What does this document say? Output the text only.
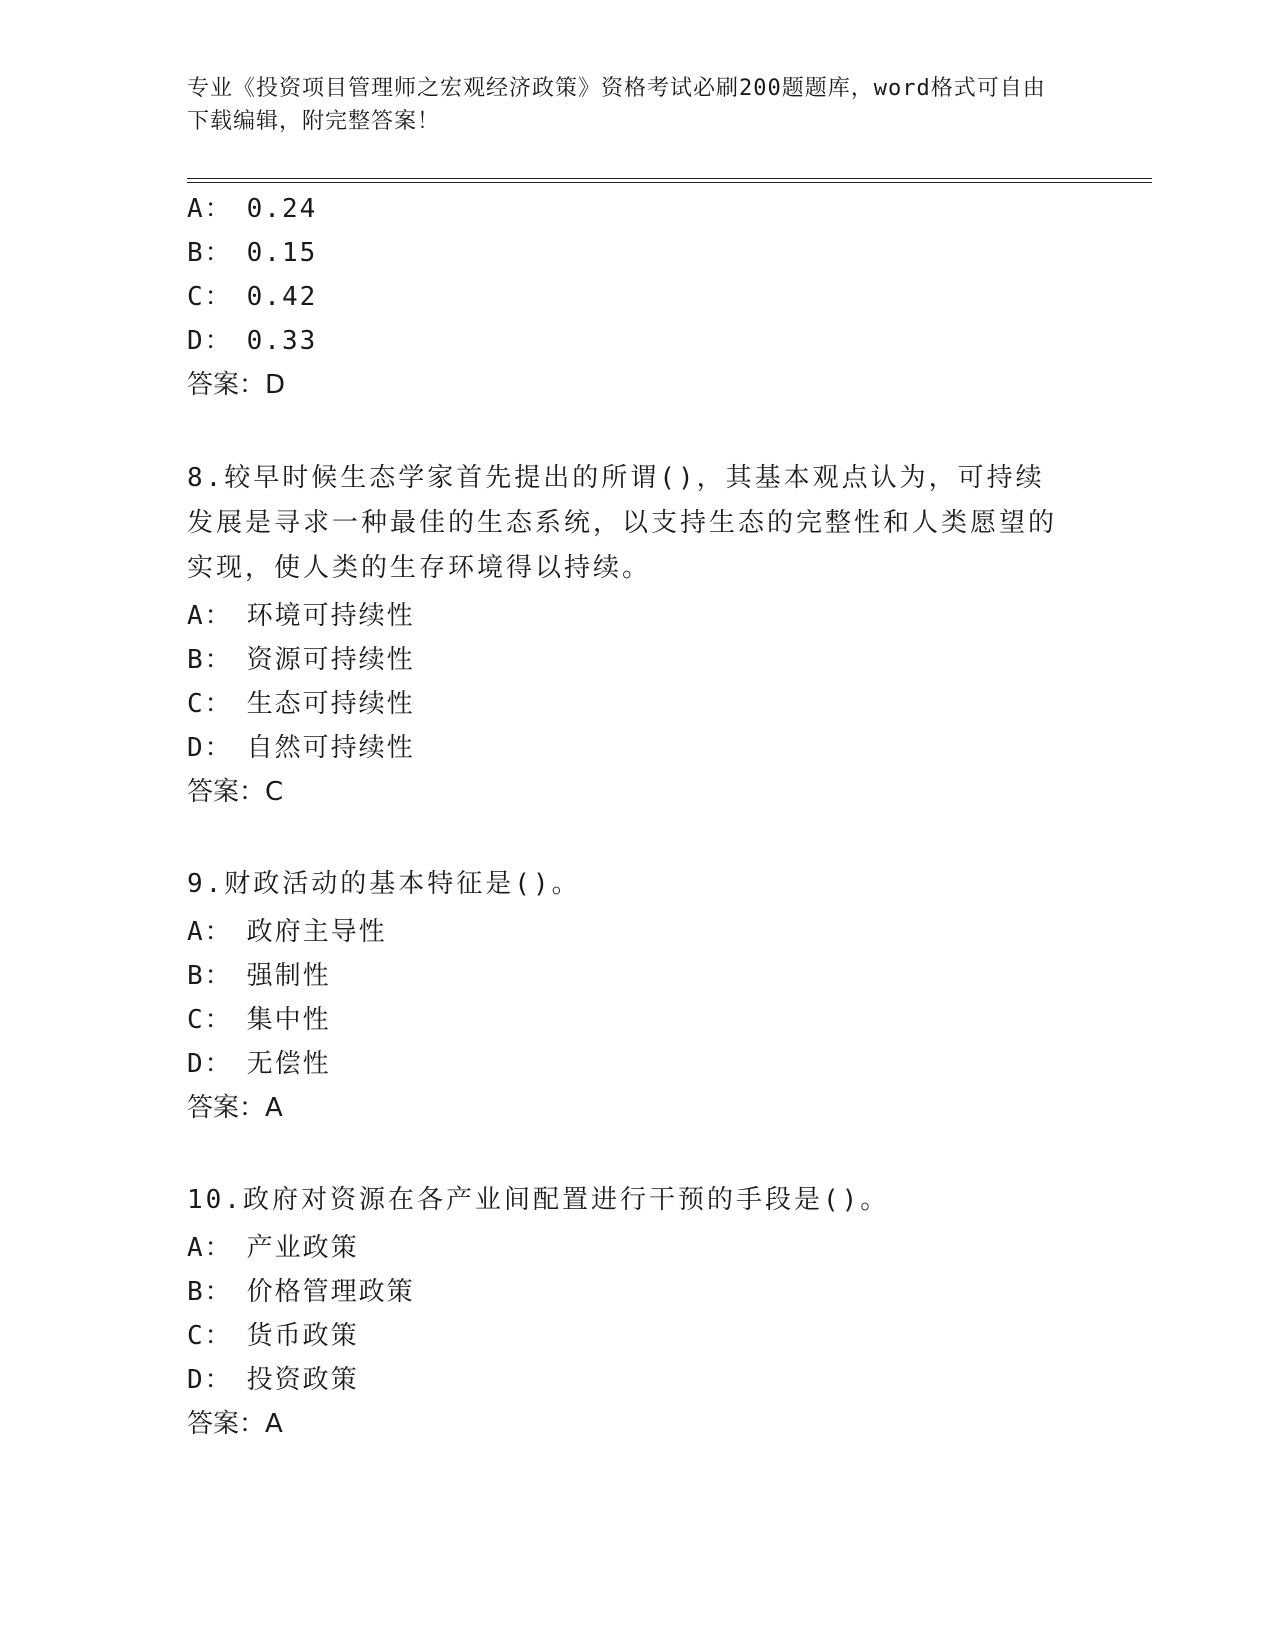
专业《投资项目管理师之宏观经济政策》资格考试必刷200题题库，word格式可自由下载编辑，附完整答案！
A： 0.24
B： 0.15
C： 0.42
D： 0.33
答案：D
8.较早时候生态学家首先提出的所谓()，其基本观点认为，可持续发展是寻求一种最佳的生态系统，以支持生态的完整性和人类愿望的实现，使人类的生存环境得以持续。
A： 环境可持续性
B： 资源可持续性
C： 生态可持续性
D： 自然可持续性
答案：C
9.财政活动的基本特征是()。
A： 政府主导性
B： 强制性
C： 集中性
D： 无偿性
答案：A
10.政府对资源在各产业间配置进行干预的手段是()。
A： 产业政策
B： 价格管理政策
C： 货币政策
D： 投资政策
答案：A
